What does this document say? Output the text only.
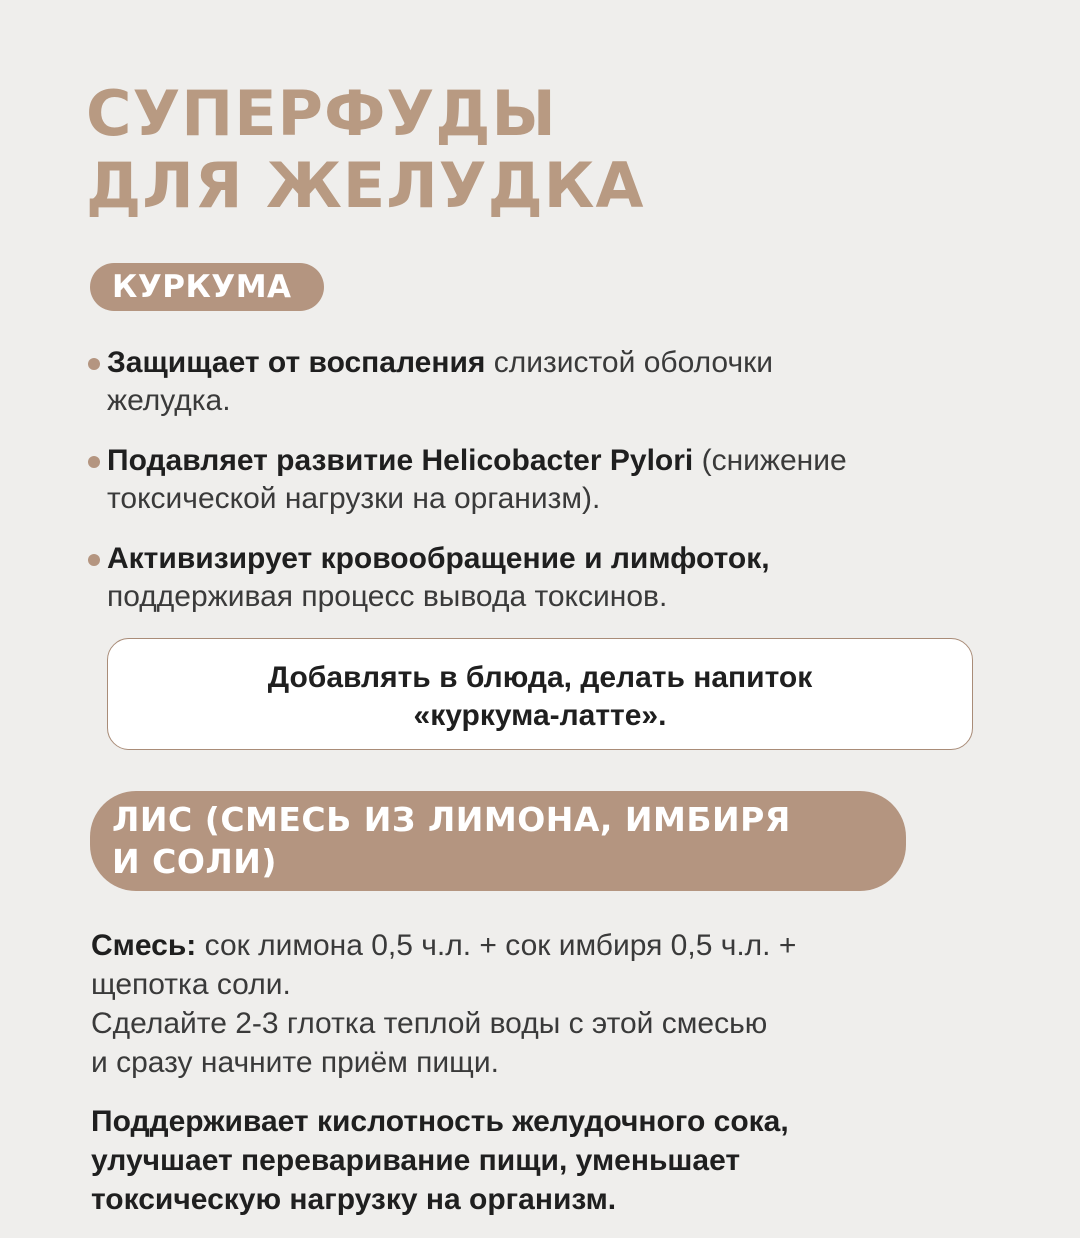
СУПЕРФУДЫ
ДЛЯ ЖЕЛУДКА
КУРКУМА
Защищает от воспаления слизистой оболочки
желудка.
Подавляет развитие Helicobacter Pylori (снижение
токсической нагрузки на организм).
Активизирует кровообращение и лимфоток,
поддерживая процесс вывода токсинов.
Добавлять в блюда, делать напиток
«куркума-латте».
ЛИС (СМЕСЬ ИЗ ЛИМОНА, ИМБИРЯ
И СОЛИ)

Смесь: сок лимона 0,5 ч.л. + сок имбиря 0,5 ч.л. +
щепотка соли.
Сделайте 2-3 глотка теплой воды с этой смесью
и сразу начните приём пищи.

Поддерживает кислотность желудочного сока,
улучшает переваривание пищи, уменьшает
токсическую нагрузку на организм.
